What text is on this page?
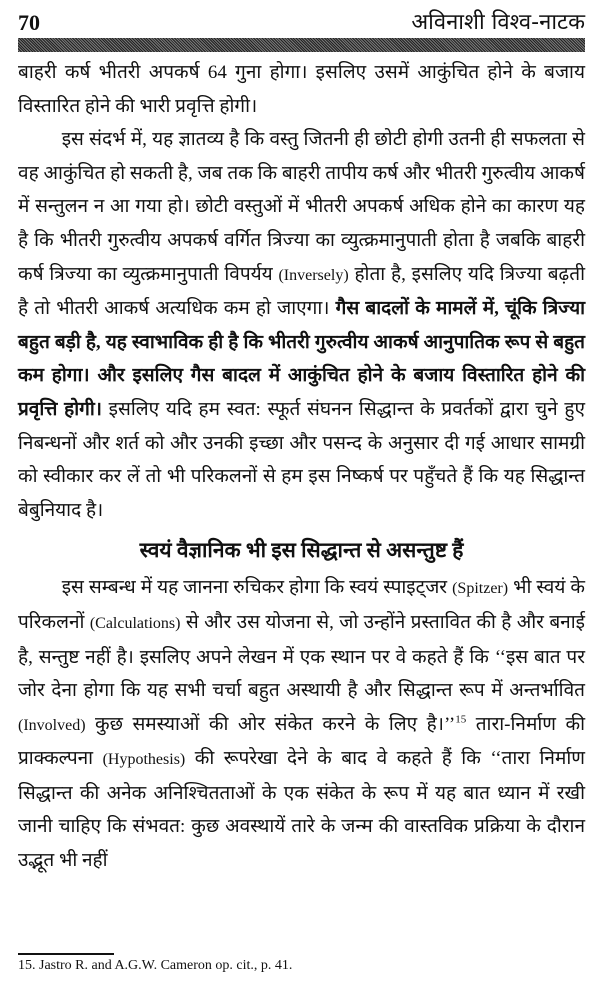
70	अविनाशी विश्व-नाटक

बाहरी कर्ष भीतरी अपकर्ष 64 गुना होगा। इसलिए उसमें आकुंचित होने के बजाय विस्तारित होने की भारी प्रवृत्ति होगी।

इस संदर्भ में, यह ज्ञातव्य है कि वस्तु जितनी ही छोटी होगी उतनी ही सफलता से वह आकुंचित हो सकती है, जब तक कि बाहरी तापीय कर्ष और भीतरी गुरुत्वीय आकर्ष में सन्तुलन न आ गया हो। छोटी वस्तुओं में भीतरी अपकर्ष अधिक होने का कारण यह है कि भीतरी गुरुत्वीय अपकर्ष वर्गित त्रिज्या का व्युत्क्रमानुपाती होता है जबकि बाहरी कर्ष त्रिज्या का व्युत्क्रमानुपाती विपर्यय (Inversely) होता है, इसलिए यदि त्रिज्या बढ़ती है तो भीतरी आकर्ष अत्यधिक कम हो जाएगा। गैस बादलों के मामलें में, चूंकि त्रिज्या बहुत बड़ी है, यह स्वाभाविक ही है कि भीतरी गुरुत्वीय आकर्ष आनुपातिक रूप से बहुत कम होगा। और इसलिए गैस बादल में आकुंचित होने के बजाय विस्तारित होने की प्रवृत्ति होगी। इसलिए यदि हम स्वत: स्फूर्त संघनन सिद्धान्त के प्रवर्तकों द्वारा चुने हुए निबन्धनों और शर्त को और उनकी इच्छा और पसन्द के अनुसार दी गई आधार सामग्री को स्वीकार कर लें तो भी परिकलनों से हम इस निष्कर्ष पर पहुँचते हैं कि यह सिद्धान्त बेबुनियाद है।

स्वयं वैज्ञानिक भी इस सिद्धान्त से असन्तुष्ट हैं

इस सम्बन्ध में यह जानना रुचिकर होगा कि स्वयं स्पाइट्जर (Spitzer) भी स्वयं के परिकलनों (Calculations) से और उस योजना से, जो उन्होंने प्रस्तावित की है और बनाई है, सन्तुष्ट नहीं है। इसलिए अपने लेखन में एक स्थान पर वे कहते हैं कि ‘‘इस बात पर जोर देना होगा कि यह सभी चर्चा बहुत अस्थायी है और सिद्धान्त रूप में अन्तर्भावित (Involved) कुछ समस्याओं की ओर संकेत करने के लिए है।’’$^{15}$ तारा-निर्माण की प्राक्कल्पना (Hypothesis) की रूपरेखा देने के बाद वे कहते हैं कि ‘‘तारा निर्माण सिद्धान्त की अनेक अनिश्चितताओं के एक संकेत के रूप में यह बात ध्यान में रखी जानी चाहिए कि संभवत: कुछ अवस्थायें तारे के जन्म की वास्तविक प्रक्रिया के दौरान उद्भूत भी नहीं

15. Jastro R. and A.G.W. Cameron op. cit., p. 41.
